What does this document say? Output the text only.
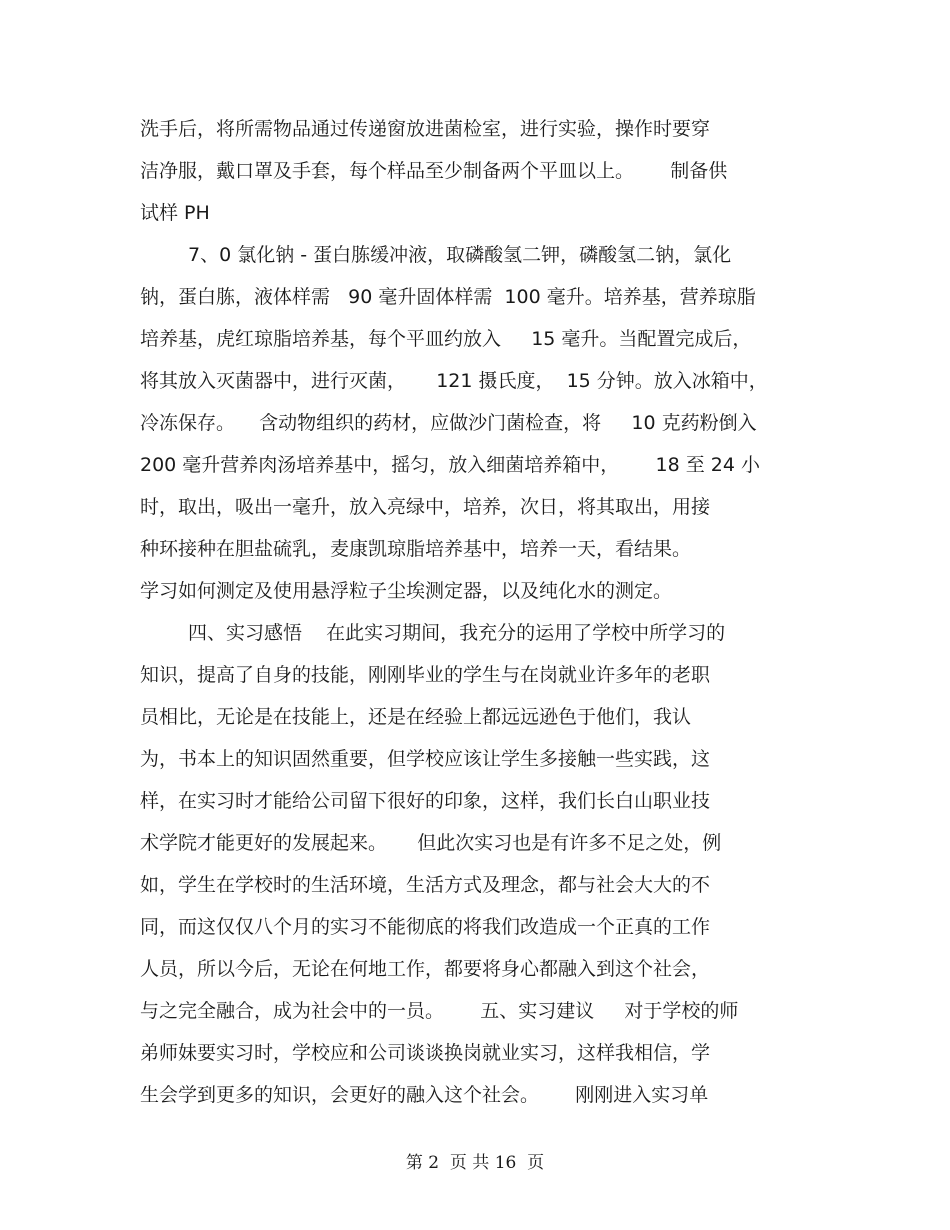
洗手后，将所需物品通过传递窗放进菌检室，进行实验，操作时要穿

洁净服，戴口罩及手套，每个样品至少制备两个平皿以上。      制备供

试样 PH

7、0 氯化钠 - 蛋白胨缓冲液，取磷酸氢二钾，磷酸氢二钠，氯化

钠，蛋白胨，液体样需   90 毫升固体样需  100 毫升。培养基，营养琼脂

培养基，虎红琼脂培养基，每个平皿约放入     15 毫升。当配置完成后，

将其放入灭菌器中，进行灭菌，     121 摄氏度，  15 分钟。放入冰箱中，

冷冻保存。    含动物组织的药材，应做沙门菌检查，将     10 克药粉倒入

200 毫升营养肉汤培养基中，摇匀，放入细菌培养箱中，      18 至 24 小

时，取出，吸出一毫升，放入亮绿中，培养，次日，将其取出，用接

种环接种在胆盐硫乳，麦康凯琼脂培养基中，培养一天，看结果。

学习如何测定及使用悬浮粒子尘埃测定器，以及纯化水的测定。

四、实习感悟    在此实习期间，我充分的运用了学校中所学习的

知识，提高了自身的技能，刚刚毕业的学生与在岗就业许多年的老职

员相比，无论是在技能上，还是在经验上都远远逊色于他们，我认

为，书本上的知识固然重要，但学校应该让学生多接触一些实践，这

样，在实习时才能给公司留下很好的印象，这样，我们长白山职业技

术学院才能更好的发展起来。     但此次实习也是有许多不足之处，例

如，学生在学校时的生活环境，生活方式及理念，都与社会大大的不

同，而这仅仅八个月的实习不能彻底的将我们改造成一个正真的工作

人员，所以今后，无论在何地工作，都要将身心都融入到这个社会，

与之完全融合，成为社会中的一员。      五、实习建议     对于学校的师

弟师妹要实习时，学校应和公司谈谈换岗就业实习，这样我相信，学

生会学到更多的知识，会更好的融入这个社会。      刚刚进入实习单

第 2  页 共 16  页
